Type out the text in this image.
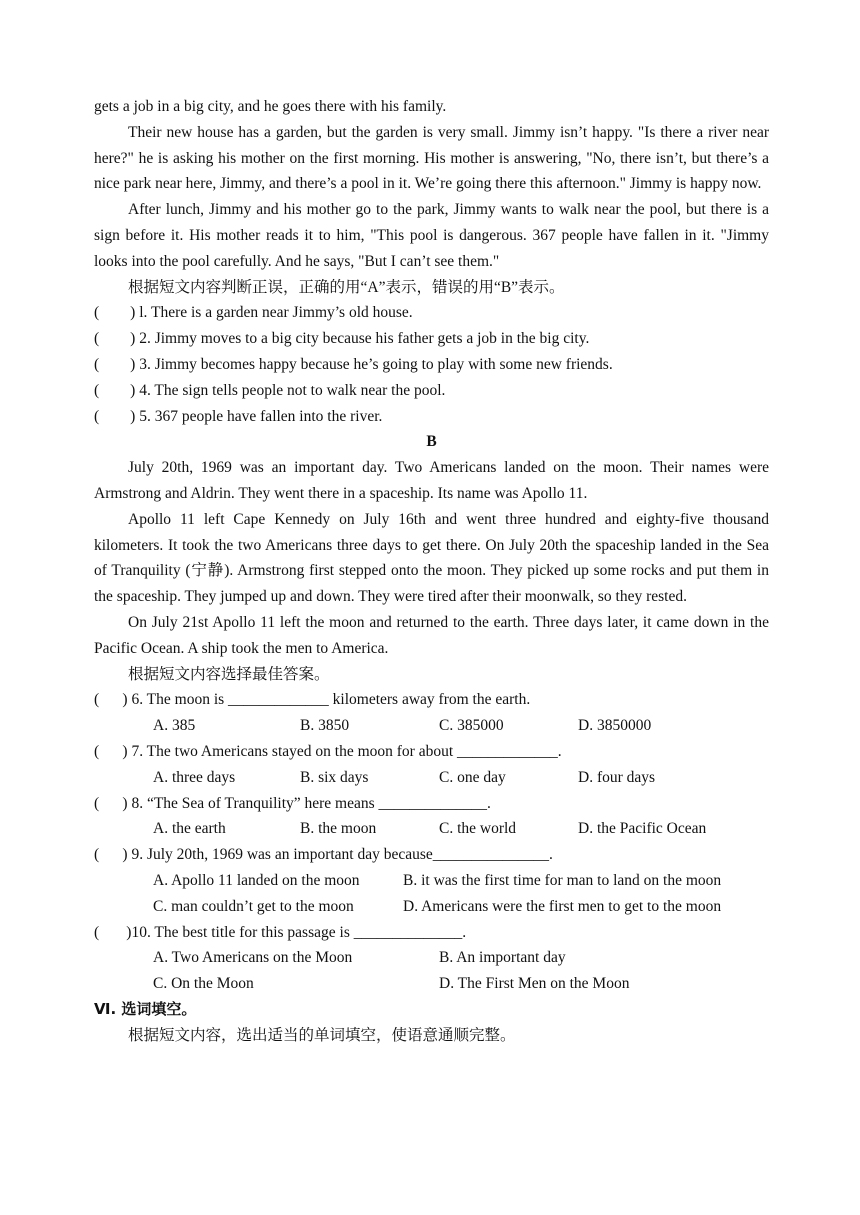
gets a job in a big city, and he goes there with his family.
Their new house has a garden, but the garden is very small. Jimmy isn’t happy. "Is there a river near here?" he is asking his mother on the first morning. His mother is answering, "No, there isn’t, but there’s a nice park near here, Jimmy, and there’s a pool in it. We’re going there this afternoon." Jimmy is happy now.
After lunch, Jimmy and his mother go to the park, Jimmy wants to walk near the pool, but there is a sign before it. His mother reads it to him, "This pool is dangerous. 367 people have fallen in it. "Jimmy looks into the pool carefully. And he says, "But I can’t see them."
根据短文内容判断正误，正确的用“A”表示，错误的用“B”表示。
(        ) l. There is a garden near Jimmy’s old house.
(        ) 2. Jimmy moves to a big city because his father gets a job in the big city.
(        ) 3. Jimmy becomes happy because he’s going to play with some new friends.
(        ) 4. The sign tells people not to walk near the pool.
(        ) 5. 367 people have fallen into the river.
B
July 20th, 1969 was an important day. Two Americans landed on the moon. Their names were Armstrong and Aldrin. They went there in a spaceship. Its name was Apollo 11.
Apollo 11 left Cape Kennedy on July 16th and went three hundred and eighty-five thousand kilometers. It took the two Americans three days to get there. On July 20th the spaceship landed in the Sea of Tranquility (宁静). Armstrong first stepped onto the moon. They picked up some rocks and put them in the spaceship. They jumped up and down. They were tired after their moonwalk, so they rested.
On July 21st Apollo 11 left the moon and returned to the earth. Three days later, it came down in the Pacific Ocean. A ship took the men to America.
根据短文内容选择最佳答案。
(      ) 6. The moon is _____________ kilometers away from the earth.
A. 385	B. 3850	C. 385000	D. 3850000
(      ) 7. The two Americans stayed on the moon for about _____________.
A. three days	B. six days	C. one day	D. four days
(      ) 8. “The Sea of Tranquility” here means ______________.
A. the earth	B. the moon	C. the world	D. the Pacific Ocean
(      ) 9. July 20th, 1969 was an important day because_______________.
A. Apollo 11 landed on the moon	B. it was the first time for man to land on the moon
C. man couldn’t get to the moon	D. Americans were the first men to get to the moon
(       )10. The best title for this passage is ______________.
A. Two Americans on the Moon	B. An important day
C. On the Moon	D. The First Men on the Moon
Ⅵ. 选词填空。
根据短文内容，选出适当的单词填空，使语意通顺完整。
